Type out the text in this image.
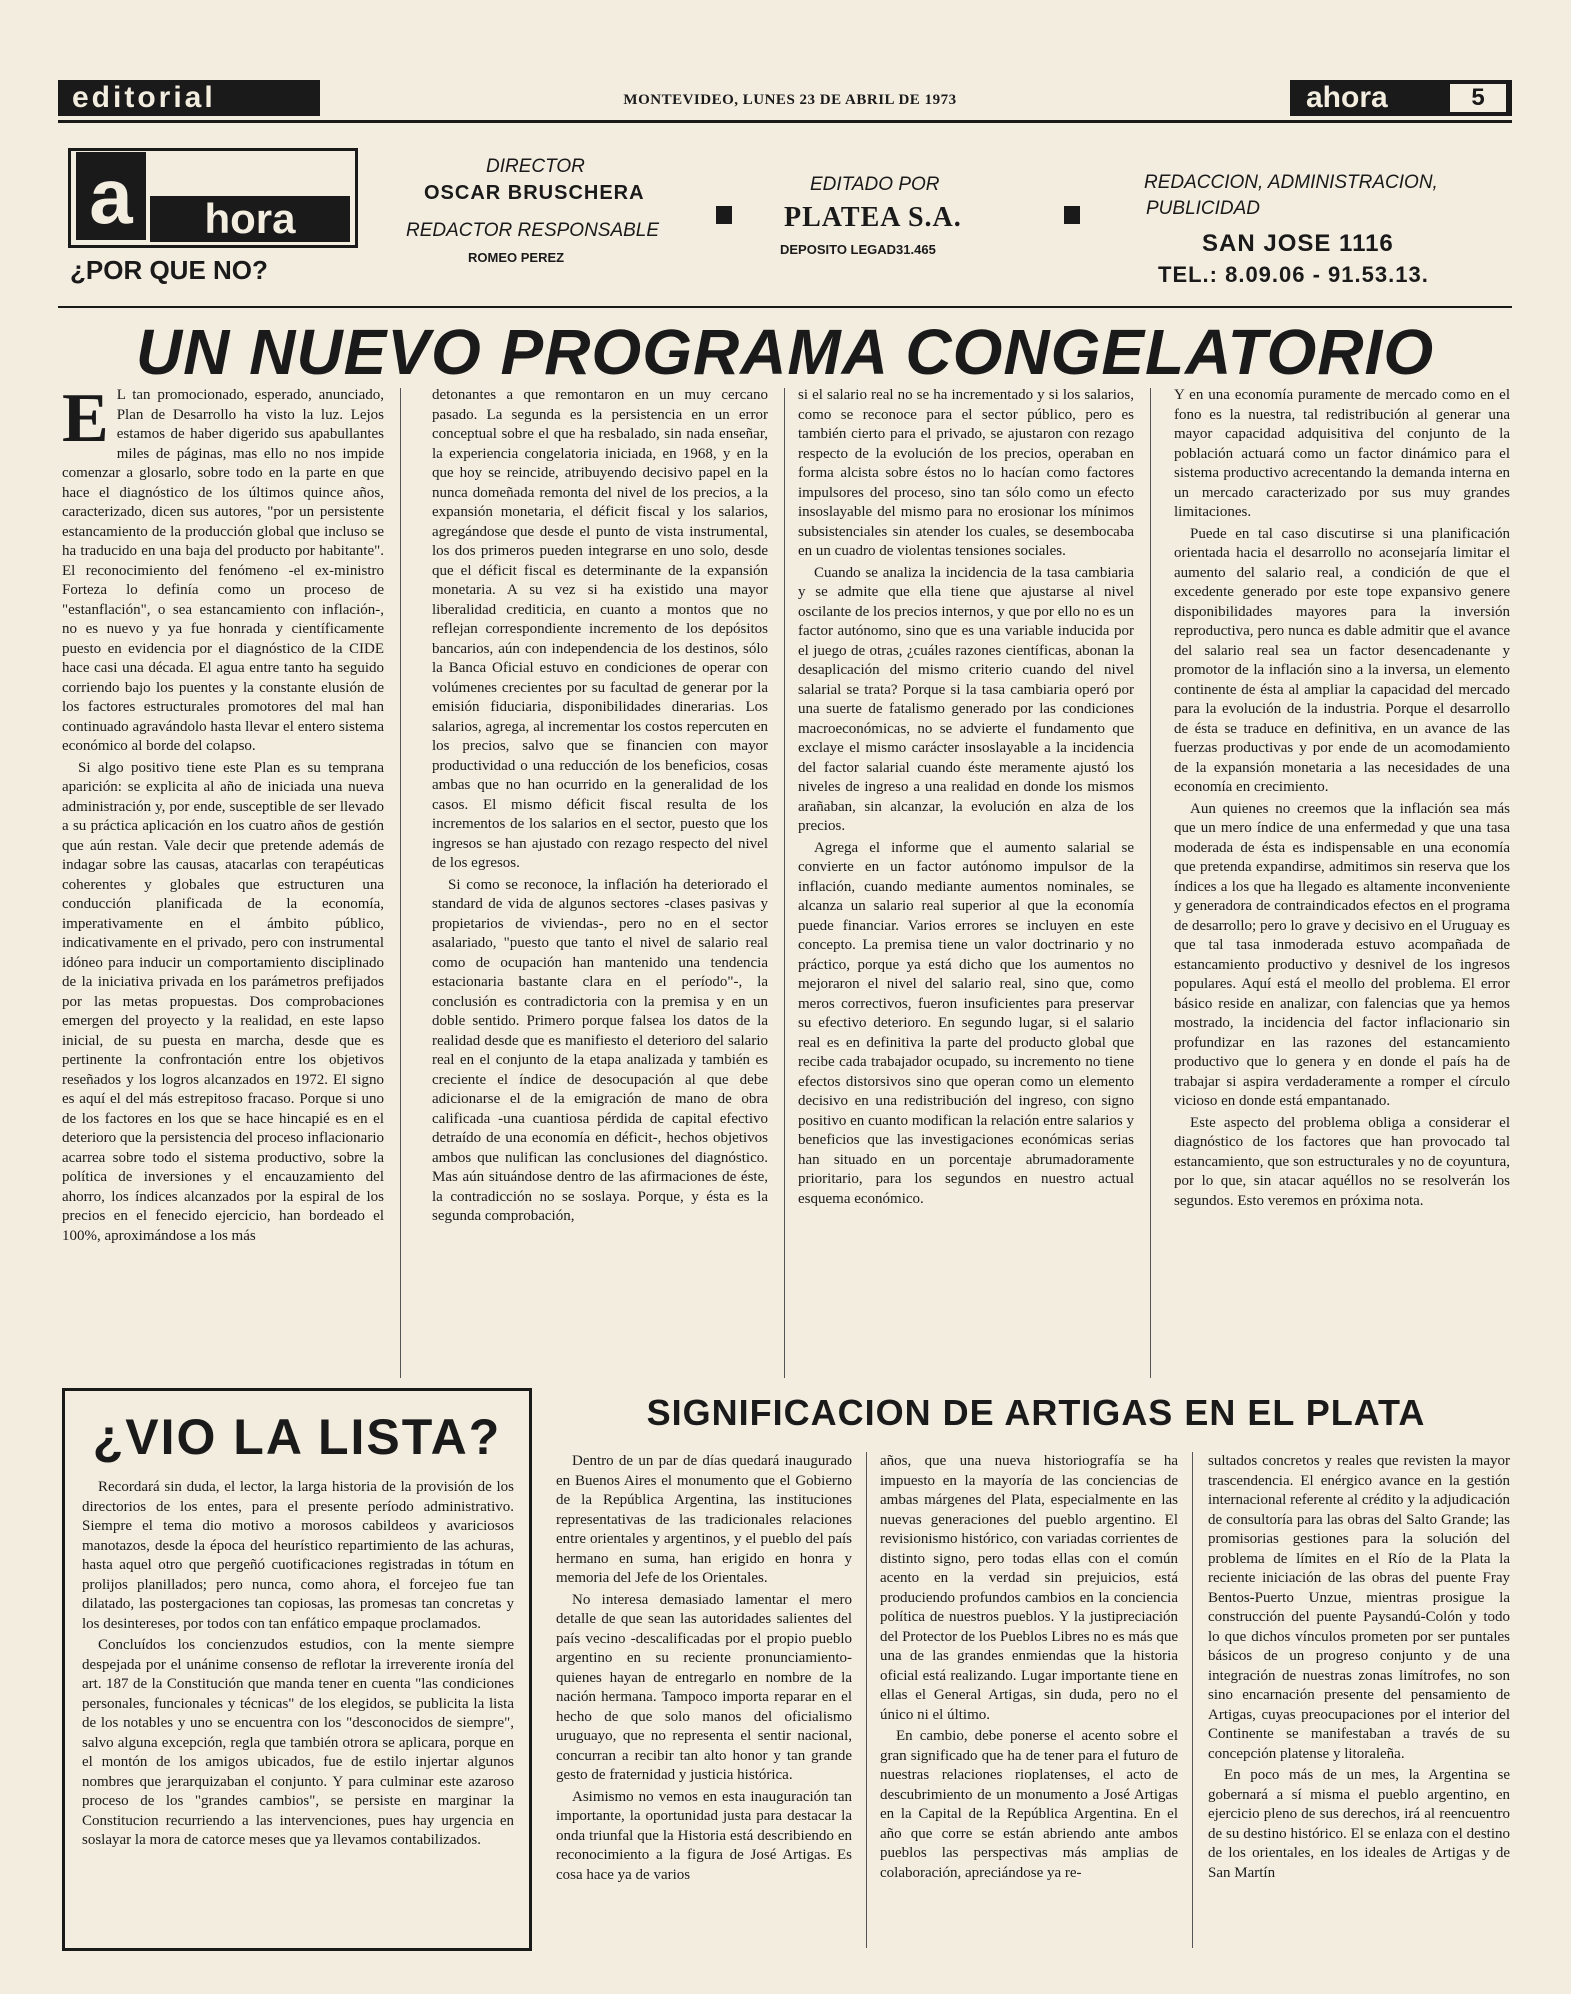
editorial	MONTEVIDEO, LUNES 23 DE ABRIL DE 1973	ahora	5
a	hora
¿POR QUE NO?
DIRECTOR
OSCAR BRUSCHERA
REDACTOR RESPONSABLE
ROMEO PEREZ
EDITADO POR
PLATEA S.A.
DEPOSITO LEGAD31.465
REDACCION, ADMINISTRACION,
PUBLICIDAD
SAN JOSE 1116
TEL.: 8.09.06 - 91.53.13.
UN NUEVO PROGRAMA CONGELATORIO
E L tan promocionado, esperado, anunciado, Plan de Desarrollo ha visto la luz. Lejos estamos de haber digerido sus apabullantes miles de páginas, mas ello no nos impide comenzar a glosarlo, sobre todo en la parte en que hace el diagnóstico de los últimos quince años, caracterizado, dicen sus autores, "por un persistente estancamiento de la producción global que incluso se ha traducido en una baja del producto por habitante". El reconocimiento del fenómeno -el ex-ministro Forteza lo definía como un proceso de "estanflación", o sea estancamiento con inflación-, no es nuevo y ya fue honrada y científicamente puesto en evidencia por el diagnóstico de la CIDE hace casi una década. El agua entre tanto ha seguido corriendo bajo los puentes y la constante elusión de los factores estructurales promotores del mal han continuado agravándolo hasta llevar el entero sistema económico al borde del colapso.

Si algo positivo tiene este Plan es su temprana aparición: se explicita al año de iniciada una nueva administración y, por ende, susceptible de ser llevado a su práctica aplicación en los cuatro años de gestión que aún restan. Vale decir que pretende además de indagar sobre las causas, atacarlas con terapéuticas coherentes y globales que estructuren una conducción planificada de la economía, imperativamente en el ámbito público, indicativamente en el privado, pero con instrumental idóneo para inducir un comportamiento disciplinado de la iniciativa privada en los parámetros prefijados por las metas propuestas. Dos comprobaciones emergen del proyecto y la realidad, en este lapso inicial, de su puesta en marcha, desde que es pertinente la confrontación entre los objetivos reseñados y los logros alcanzados en 1972. El signo es aquí el del más estrepitoso fracaso. Porque si uno de los factores en los que se hace hincapié es en el deterioro que la persistencia del proceso inflacionario acarrea sobre todo el sistema productivo, sobre la política de inversiones y el encauzamiento del ahorro, los índices alcanzados por la espiral de los precios en el fenecido ejercicio, han bordeado el 100%, aproximándose a los más

detonantes a que remontaron en un muy cercano pasado. La segunda es la persistencia en un error conceptual sobre el que ha resbalado, sin nada enseñar, la experiencia congelatoria iniciada, en 1968, y en la que hoy se reincide, atribuyendo decisivo papel en la nunca domeñada remonta del nivel de los precios, a la expansión monetaria, el déficit fiscal y los salarios, agregándose que desde el punto de vista instrumental, los dos primeros pueden integrarse en uno solo, desde que el déficit fiscal es determinante de la expansión monetaria. A su vez si ha existido una mayor liberalidad crediticia, en cuanto a montos que no reflejan correspondiente incremento de los depósitos bancarios, aún con independencia de los destinos, sólo la Banca Oficial estuvo en condiciones de operar con volúmenes crecientes por su facultad de generar por la emisión fiduciaria, disponibilidades dinerarias. Los salarios, agrega, al incrementar los costos repercuten en los precios, salvo que se financien con mayor productividad o una reducción de los beneficios, cosas ambas que no han ocurrido en la generalidad de los casos. El mismo déficit fiscal resulta de los incrementos de los salarios en el sector, puesto que los ingresos se han ajustado con rezago respecto del nivel de los egresos.

Si como se reconoce, la inflación ha deteriorado el standard de vida de algunos sectores -clases pasivas y propietarios de viviendas-, pero no en el sector asalariado, "puesto que tanto el nivel de salario real como de ocupación han mantenido una tendencia estacionaria bastante clara en el período"-, la conclusión es contradictoria con la premisa y en un doble sentido. Primero porque falsea los datos de la realidad desde que es manifiesto el deterioro del salario real en el conjunto de la etapa analizada y también es creciente el índice de desocupación al que debe adicionarse el de la emigración de mano de obra calificada -una cuantiosa pérdida de capital efectivo detraído de una economía en déficit-, hechos objetivos ambos que nulifican las conclusiones del diagnóstico. Mas aún situándose dentro de las afirmaciones de éste, la contradicción no se soslaya. Porque, y ésta es la segunda comprobación,

si el salario real no se ha incrementado y si los salarios, como se reconoce para el sector público, pero es también cierto para el privado, se ajustaron con rezago respecto de la evolución de los precios, operaban en forma alcista sobre éstos no lo hacían como factores impulsores del proceso, sino tan sólo como un efecto insoslayable del mismo para no erosionar los mínimos subsistenciales sin atender los cuales, se desembocaba en un cuadro de violentas tensiones sociales.

Cuando se analiza la incidencia de la tasa cambiaria y se admite que ella tiene que ajustarse al nivel oscilante de los precios internos, y que por ello no es un factor autónomo, sino que es una variable inducida por el juego de otras, ¿cuáles razones científicas, abonan la desaplicación del mismo criterio cuando del nivel salarial se trata? Porque si la tasa cambiaria operó por una suerte de fatalismo generado por las condiciones macroeconómicas, no se advierte el fundamento que exclaye el mismo carácter insoslayable a la incidencia del factor salarial cuando éste meramente ajustó los niveles de ingreso a una realidad en donde los mismos arañaban, sin alcanzar, la evolución en alza de los precios.

Agrega el informe que el aumento salarial se convierte en un factor autónomo impulsor de la inflación, cuando mediante aumentos nominales, se alcanza un salario real superior al que la economía puede financiar. Varios errores se incluyen en este concepto. La premisa tiene un valor doctrinario y no práctico, porque ya está dicho que los aumentos no mejoraron el nivel del salario real, sino que, como meros correctivos, fueron insuficientes para preservar su efectivo deterioro. En segundo lugar, si el salario real es en definitiva la parte del producto global que recibe cada trabajador ocupado, su incremento no tiene efectos distorsivos sino que operan como un elemento decisivo en una redistribución del ingreso, con signo positivo en cuanto modifican la relación entre salarios y beneficios que las investigaciones económicas serias han situado en un porcentaje abrumadoramente prioritario, para los segundos en nuestro actual esquema económico.

Y en una economía puramente de mercado como en el fono es la nuestra, tal redistribución al generar una mayor capacidad adquisitiva del conjunto de la población actuará como un factor dinámico para el sistema productivo acrecentando la demanda interna en un mercado caracterizado por sus muy grandes limitaciones.

Puede en tal caso discutirse si una planificación orientada hacia el desarrollo no aconsejaría limitar el aumento del salario real, a condición de que el excedente generado por este tope expansivo genere disponibilidades mayores para la inversión reproductiva, pero nunca es dable admitir que el avance del salario real sea un factor desencadenante y promotor de la inflación sino a la inversa, un elemento continente de ésta al ampliar la capacidad del mercado para la evolución de la industria. Porque el desarrollo de ésta se traduce en definitiva, en un avance de las fuerzas productivas y por ende de un acomodamiento de la expansión monetaria a las necesidades de una economía en crecimiento.

Aun quienes no creemos que la inflación sea más que un mero índice de una enfermedad y que una tasa moderada de ésta es indispensable en una economía que pretenda expandirse, admitimos sin reserva que los índices a los que ha llegado es altamente inconveniente y generadora de contraindicados efectos en el programa de desarrollo; pero lo grave y decisivo en el Uruguay es que tal tasa inmoderada estuvo acompañada de estancamiento productivo y desnivel de los ingresos populares. Aquí está el meollo del problema. El error básico reside en analizar, con falencias que ya hemos mostrado, la incidencia del factor inflacionario sin profundizar en las razones del estancamiento productivo que lo genera y en donde el país ha de trabajar si aspira verdaderamente a romper el círculo vicioso en donde está empantanado.

Este aspecto del problema obliga a considerar el diagnóstico de los factores que han provocado tal estancamiento, que son estructurales y no de coyuntura, por lo que, sin atacar aquéllos no se resolverán los segundos. Esto veremos en próxima nota.

¿VIO LA LISTA?

Recordará sin duda, el lector, la larga historia de la provisión de los directorios de los entes, para el presente período administrativo. Siempre el tema dio motivo a morosos cabildeos y avariciosos manotazos, desde la época del heurístico repartimiento de las achuras, hasta aquel otro que pergeñó cuotificaciones registradas in tótum en prolijos planillados; pero nunca, como ahora, el forcejeo fue tan dilatado, las postergaciones tan copiosas, las promesas tan concretas y los desintereses, por todos con tan enfático empaque proclamados.

Concluídos los concienzudos estudios, con la mente siempre despejada por el unánime consenso de reflotar la irreverente ironía del art. 187 de la Constitución que manda tener en cuenta "las condiciones personales, funcionales y técnicas" de los elegidos, se publicita la lista de los notables y uno se encuentra con los "desconocidos de siempre", salvo alguna excepción, regla que también otrora se aplicara, porque en el montón de los amigos ubicados, fue de estilo injertar algunos nombres que jerarquizaban el conjunto. Y para culminar este azaroso proceso de los "grandes cambios", se persiste en marginar la Constitucion recurriendo a las intervenciones, pues hay urgencia en soslayar la mora de catorce meses que ya llevamos contabilizados.

SIGNIFICACION DE ARTIGAS EN EL PLATA

Dentro de un par de días quedará inaugurado en Buenos Aires el monumento que el Gobierno de la República Argentina, las instituciones representativas de las tradicionales relaciones entre orientales y argentinos, y el pueblo del país hermano en suma, han erigido en honra y memoria del Jefe de los Orientales.

No interesa demasiado lamentar el mero detalle de que sean las autoridades salientes del país vecino -descalificadas por el propio pueblo argentino en su reciente pronunciamiento- quienes hayan de entregarlo en nombre de la nación hermana. Tampoco importa reparar en el hecho de que solo manos del oficialismo uruguayo, que no representa el sentir nacional, concurran a recibir tan alto honor y tan grande gesto de fraternidad y justicia histórica.

Asimismo no vemos en esta inauguración tan importante, la oportunidad justa para destacar la onda triunfal que la Historia está describiendo en reconocimiento a la figura de José Artigas. Es cosa hace ya de varios

años, que una nueva historiografía se ha impuesto en la mayoría de las conciencias de ambas márgenes del Plata, especialmente en las nuevas generaciones del pueblo argentino. El revisionismo histórico, con variadas corrientes de distinto signo, pero todas ellas con el común acento en la verdad sin prejuicios, está produciendo profundos cambios en la conciencia política de nuestros pueblos. Y la justipreciación del Protector de los Pueblos Libres no es más que una de las grandes enmiendas que la historia oficial está realizando. Lugar importante tiene en ellas el General Artigas, sin duda, pero no el único ni el último.

En cambio, debe ponerse el acento sobre el gran significado que ha de tener para el futuro de nuestras relaciones rioplatenses, el acto de descubrimiento de un monumento a José Artigas en la Capital de la República Argentina. En el año que corre se están abriendo ante ambos pueblos las perspectivas más amplias de colaboración, apreciándose ya re-

sultados concretos y reales que revisten la mayor trascendencia. El enérgico avance en la gestión internacional referente al crédito y la adjudicación de consultoría para las obras del Salto Grande; las promisorias gestiones para la solución del problema de límites en el Río de la Plata la reciente iniciación de las obras del puente Fray Bentos-Puerto Unzue, mientras prosigue la construcción del puente Paysandú-Colón y todo lo que dichos vínculos prometen por ser puntales básicos de un progreso conjunto y de una integración de nuestras zonas limítrofes, no son sino encarnación presente del pensamiento de Artigas, cuyas preocupaciones por el interior del Continente se manifestaban a través de su concepción platense y litoraleña.

En poco más de un mes, la Argentina se gobernará a sí misma el pueblo argentino, en ejercicio pleno de sus derechos, irá al reencuentro de su destino histórico. El se enlaza con el destino de los orientales, en los ideales de Artigas y de San Martín
